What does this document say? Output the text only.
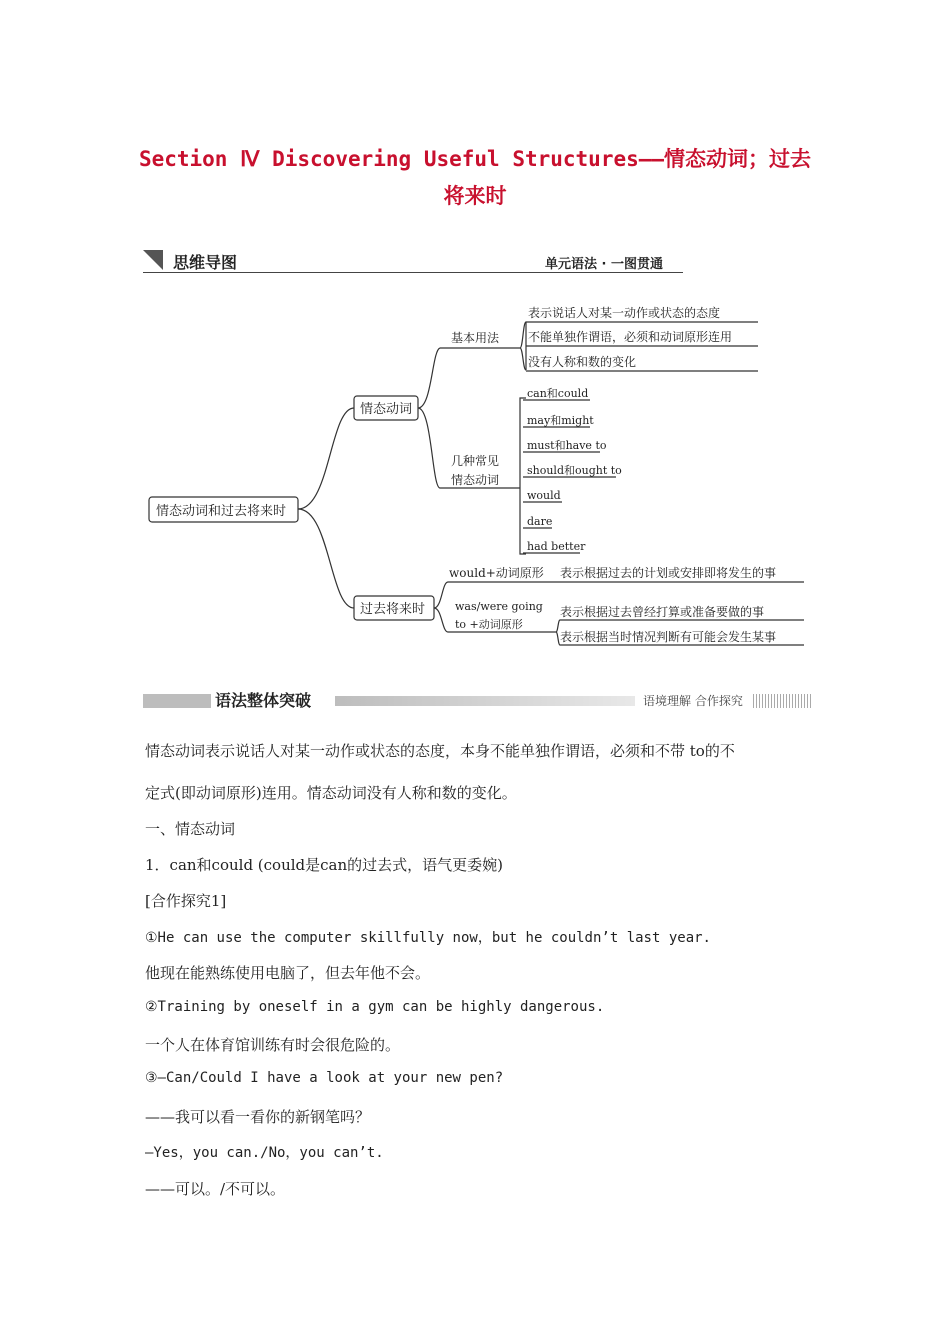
Section Ⅳ Discovering Useful Structures——情态动词；过去
将来时
思维导图	单元语法 · 一图贯通
情态动词和过去将来时
情态动词
过去将来时
基本用法
表示说话人对某一动作或状态的态度
不能单独作谓语，必须和动词原形连用
没有人称和数的变化
几种常见
情态动词
can和could
may和might
must和have to
should和ought to
would
dare
had better
would+动词原形 表示根据过去的计划或安排即将发生的事
was/were going
to +动词原形
表示根据过去曾经打算或准备要做的事
表示根据当时情况判断有可能会发生某事
语法整体突破	语境理解 合作探究
情态动词表示说话人对某一动作或状态的态度，本身不能单独作谓语，必须和不带 to的不
定式(即动词原形)连用。情态动词没有人称和数的变化。
一、情态动词
1．can和could (could是can的过去式，语气更委婉)
[合作探究1]
①He can use the computer skillfully now，but he couldn’t last year.
他现在能熟练使用电脑了，但去年他不会。
②Training by oneself in a gym can be highly dangerous.
一个人在体育馆训练有时会很危险的。
③—Can/Could I have a look at your new pen?
——我可以看一看你的新钢笔吗？
—Yes，you can./No，you can’t.
——可以。/不可以。
